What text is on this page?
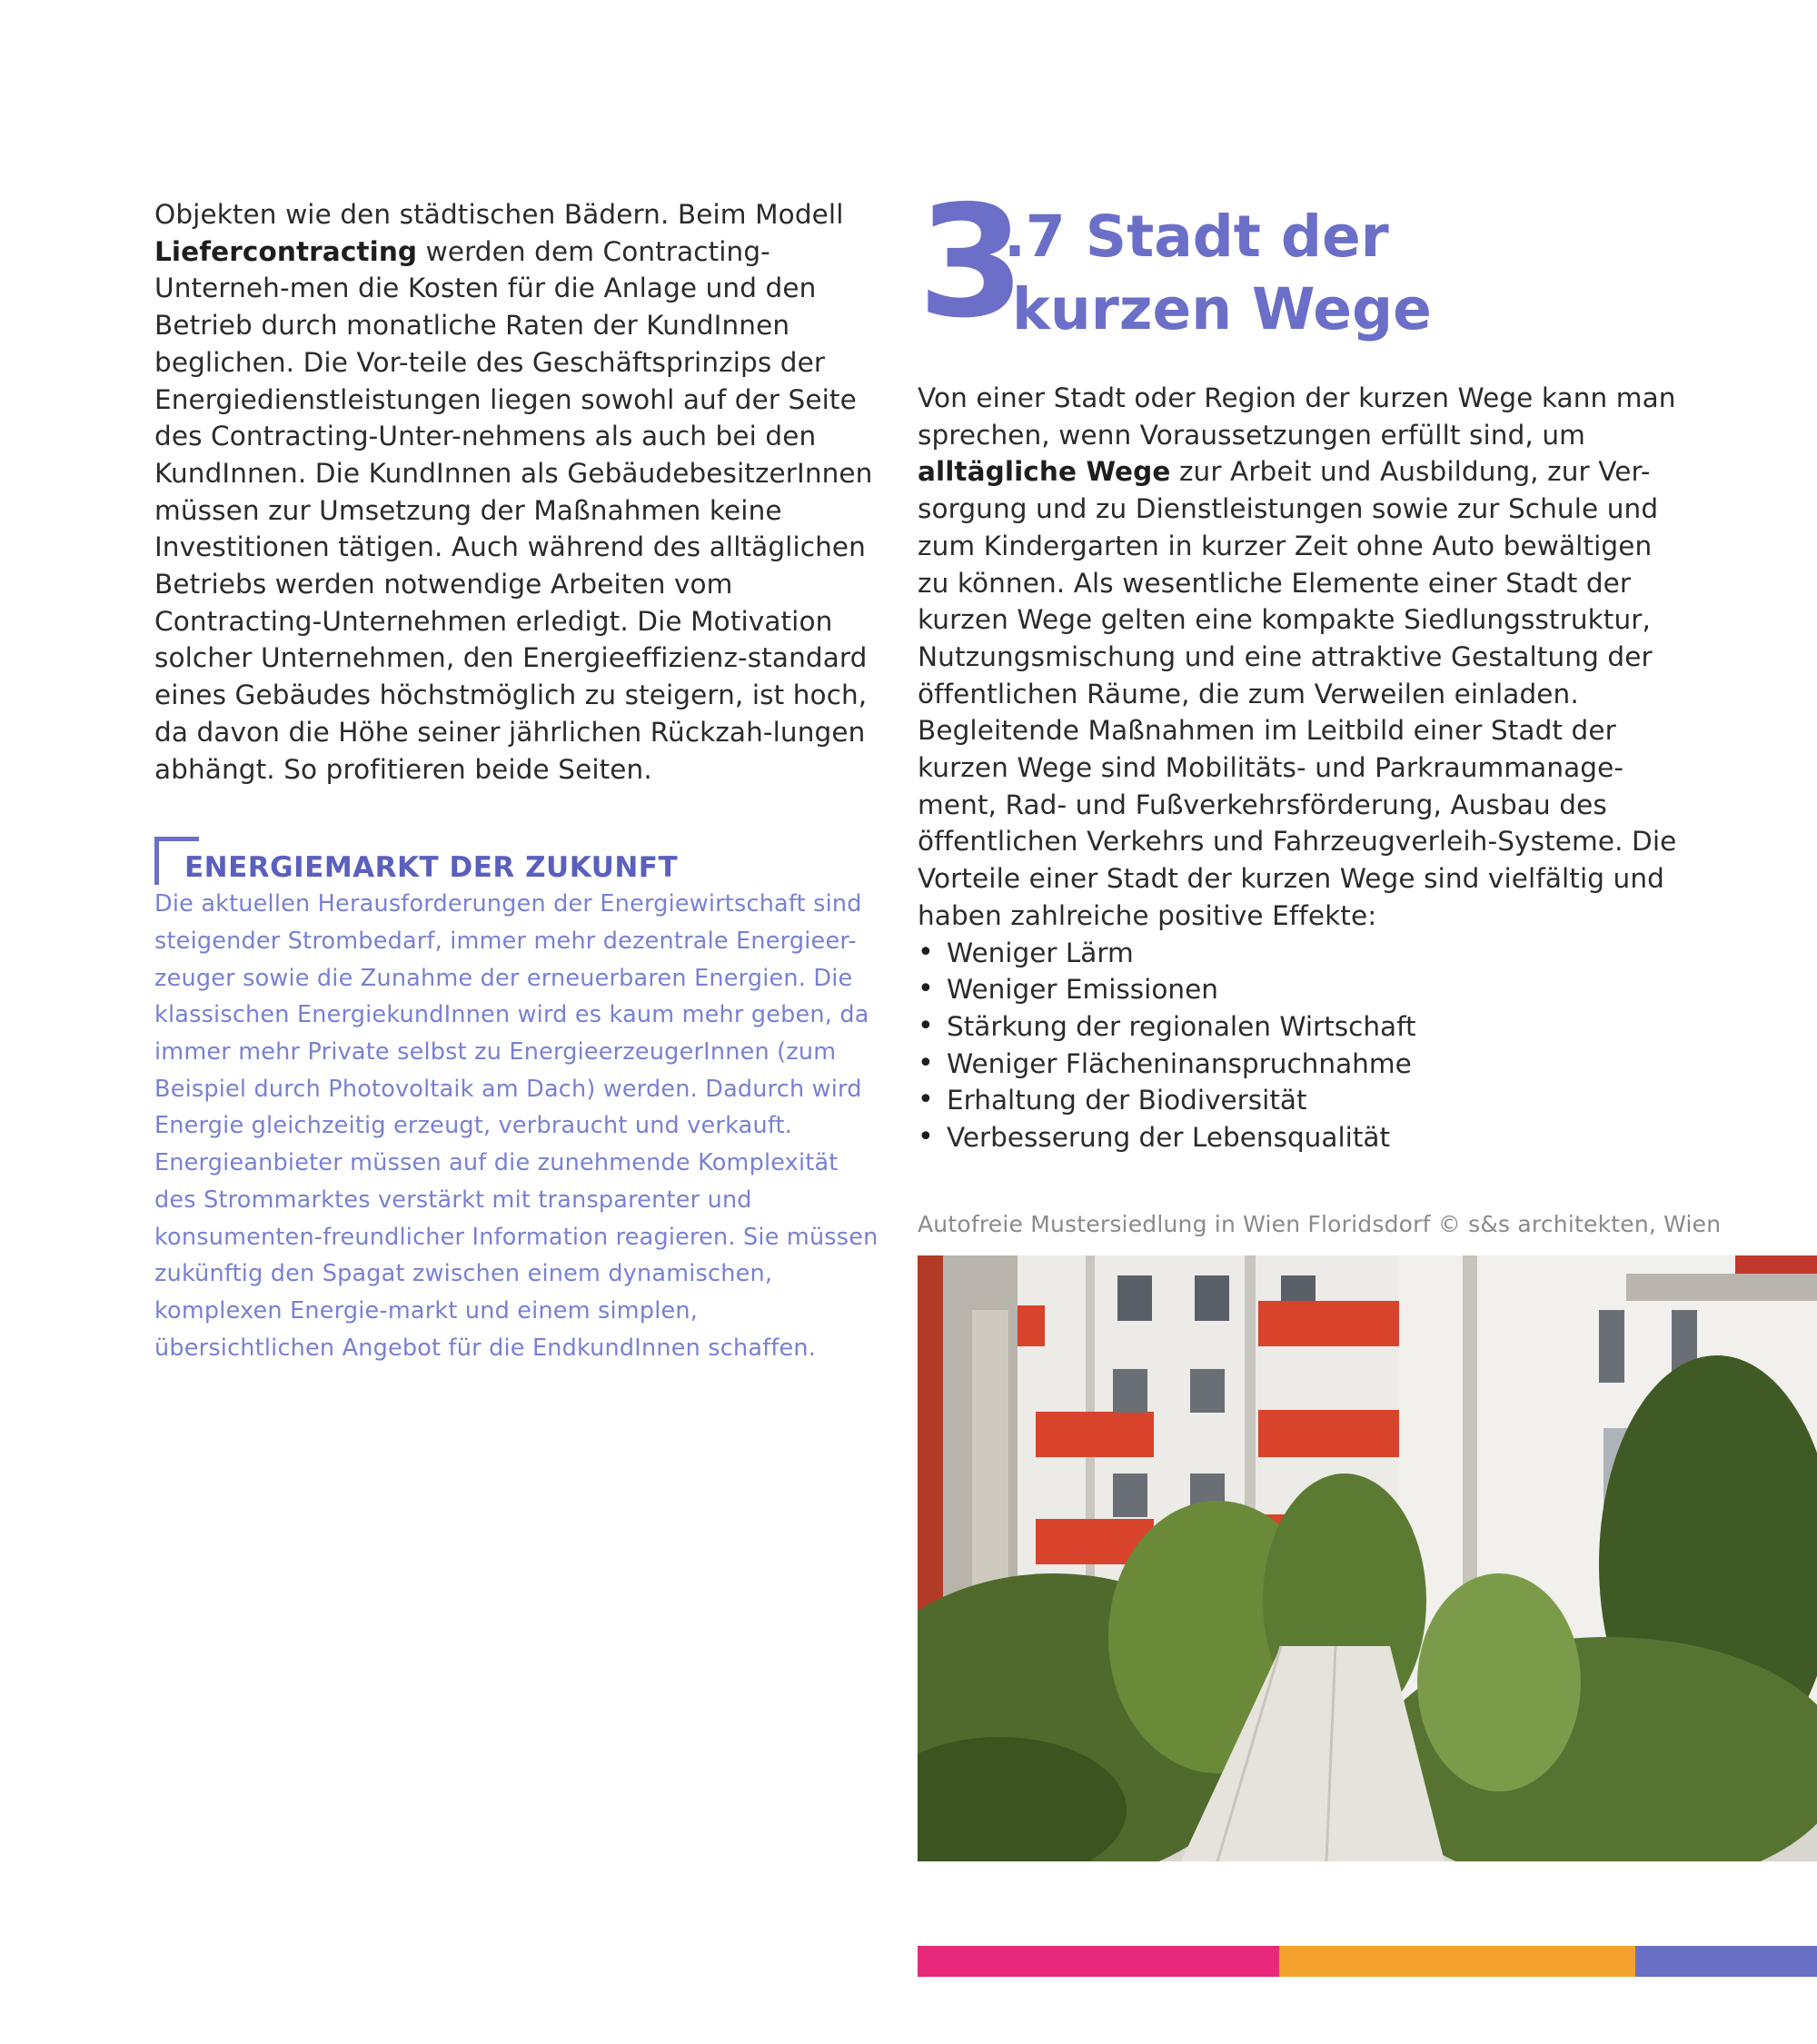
Objekten wie den städtischen Bädern. Beim Modell Liefercontracting werden dem Contracting-Unterneh-men die Kosten für die Anlage und den Betrieb durch monatliche Raten der KundInnen beglichen. Die Vor-teile des Geschäftsprinzips der Energiedienstleistungen liegen sowohl auf der Seite des Contracting-Unter-nehmens als auch bei den KundInnen. Die KundInnen als GebäudebesitzerInnen müssen zur Umsetzung der Maßnahmen keine Investitionen tätigen. Auch während des alltäglichen Betriebs werden notwendige Arbeiten vom Contracting-Unternehmen erledigt. Die Motivation solcher Unternehmen, den Energieeffizienz-standard eines Gebäudes höchstmöglich zu steigern, ist hoch, da davon die Höhe seiner jährlichen Rückzah-lungen abhängt. So profitieren beide Seiten.

ENERGIEMARKT DER ZUKUNFT

Die aktuellen Herausforderungen der Energiewirtschaft sind steigender Strombedarf, immer mehr dezentrale Energieer-zeuger sowie die Zunahme der erneuerbaren Energien. Die klassischen EnergiekundInnen wird es kaum mehr geben, da immer mehr Private selbst zu EnergieerzeugerInnen (zum Beispiel durch Photovoltaik am Dach) werden. Dadurch wird Energie gleichzeitig erzeugt, verbraucht und verkauft. Energieanbieter müssen auf die zunehmende Komplexität des Strommarktes verstärkt mit transparenter und konsumenten-freundlicher Information reagieren. Sie müssen zukünftig den Spagat zwischen einem dynamischen, komplexen Energie-markt und einem simplen, übersichtlichen Angebot für die EndkundInnen schaffen.

3
.7 Stadt der
kurzen Wege

Von einer Stadt oder Region der kurzen Wege kann man sprechen, wenn Voraussetzungen erfüllt sind, um alltägliche Wege zur Arbeit und Ausbildung, zur Ver-sorgung und zu Dienstleistungen sowie zur Schule und zum Kindergarten in kurzer Zeit ohne Auto bewältigen zu können. Als wesentliche Elemente einer Stadt der kurzen Wege gelten eine kompakte Siedlungsstruktur, Nutzungsmischung und eine attraktive Gestaltung der öffentlichen Räume, die zum Verweilen einladen. Begleitende Maßnahmen im Leitbild einer Stadt der kurzen Wege sind Mobilitäts- und Parkraummanage-ment, Rad- und Fußverkehrsförderung, Ausbau des öffentlichen Verkehrs und Fahrzeugverleih-Systeme. Die Vorteile einer Stadt der kurzen Wege sind vielfältig und haben zahlreiche positive Effekte:

• Weniger Lärm
• Weniger Emissionen
• Stärkung der regionalen Wirtschaft
• Weniger Flächeninanspruchnahme
• Erhaltung der Biodiversität
• Verbesserung der Lebensqualität
Autofreie Mustersiedlung in Wien Floridsdorf © s&s architekten, Wien
